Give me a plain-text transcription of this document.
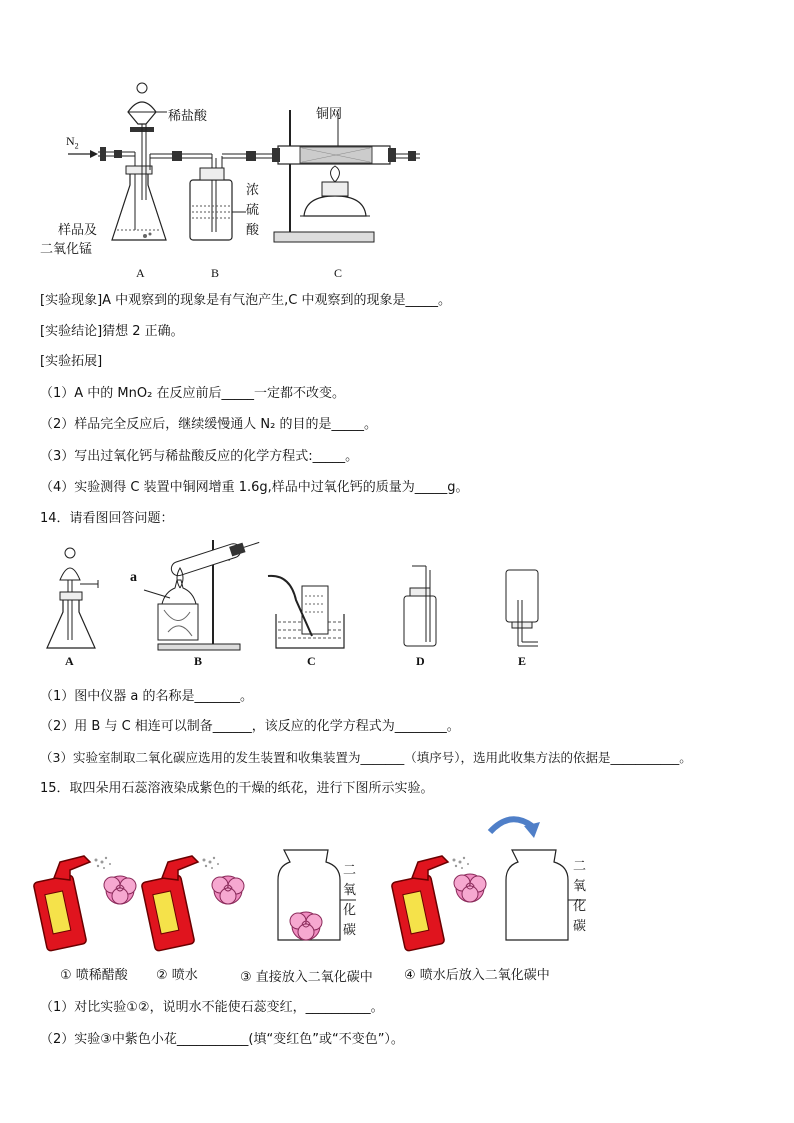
$N_2$
稀盐酸	铜网
浓
硫
酸
样品及
二氧化锰
A	B	C
[实验现象]A 中观察到的现象是有气泡产生,C 中观察到的现象是_____。
[实验结论]猜想 2 正确。
[实验拓展]
（1）A 中的 MnO₂ 在反应前后_____一定都不改变。
（2）样品完全反应后，继续缓慢通人 N₂ 的目的是_____。
（3）写出过氧化钙与稀盐酸反应的化学方程式:_____。
（4）实验测得 C 装置中铜网增重 1.6g,样品中过氧化钙的质量为_____g。
14．请看图回答问题：
a
A	B	C	D	E
（1）图中仪器 a 的名称是_______。
（2）用 B 与 C 相连可以制备______，该反应的化学方程式为________。
（3）实验室制取二氧化碳应选用的发生装置和收集装置为_______（填序号），选用此收集方法的依据是___________。
15．取四朵用石蕊溶液染成紫色的干燥的纸花，进行下图所示实验。
二
氧
化
碳
二
氧
化
碳
① 喷稀醋酸 ② 喷水	③ 直接放入二氧化碳中 ④ 喷水后放入二氧化碳中
（1）对比实验①②，说明水不能使石蕊变红，__________。
（2）实验③中紫色小花___________(填“变红色”或“不变色”）。
